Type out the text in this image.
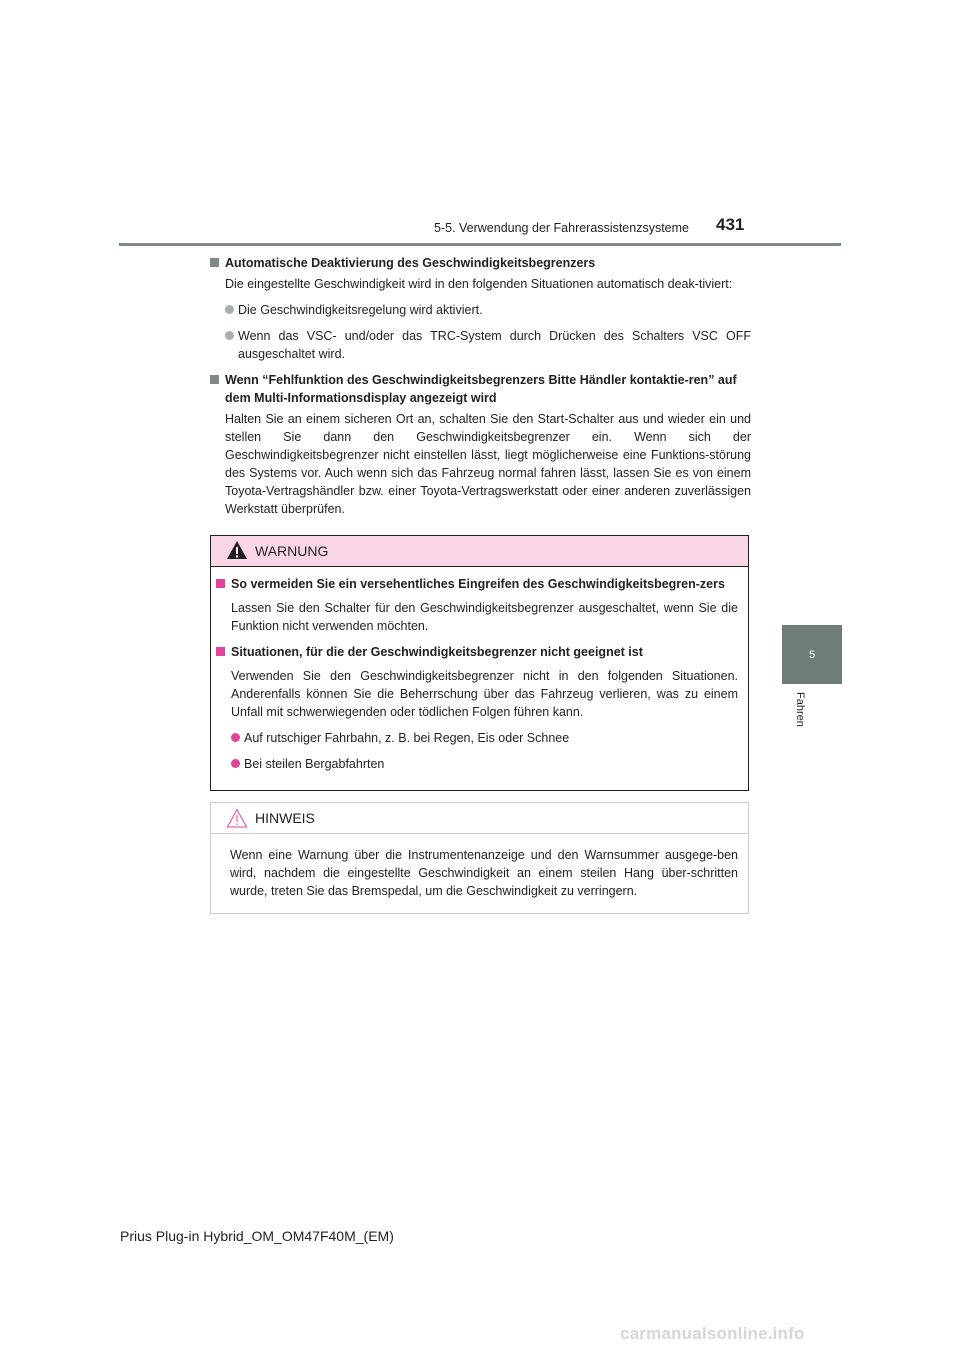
5-5. Verwendung der Fahrerassistenzsysteme 431
5
Fahren

Automatische Deaktivierung des Geschwindigkeitsbegrenzers

Die eingestellte Geschwindigkeit wird in den folgenden Situationen automatisch deak-tiviert:

Die Geschwindigkeitsregelung wird aktiviert.
Wenn das VSC- und/oder das TRC-System durch Drücken des Schalters VSC OFF ausgeschaltet wird.

Wenn “Fehlfunktion des Geschwindigkeitsbegrenzers Bitte Händler kontaktie-ren” auf dem Multi-Informationsdisplay angezeigt wird

Halten Sie an einem sicheren Ort an, schalten Sie den Start-Schalter aus und wieder ein und stellen Sie dann den Geschwindigkeitsbegrenzer ein. Wenn sich der Geschwindigkeitsbegrenzer nicht einstellen lässt, liegt möglicherweise eine Funktions-störung des Systems vor. Auch wenn sich das Fahrzeug normal fahren lässt, lassen Sie es von einem Toyota-Vertragshändler bzw. einer Toyota-Vertragswerkstatt oder einer anderen zuverlässigen Werkstatt überprüfen.

WARNUNG

So vermeiden Sie ein versehentliches Eingreifen des Geschwindigkeitsbegren-zers

Lassen Sie den Schalter für den Geschwindigkeitsbegrenzer ausgeschaltet, wenn Sie die Funktion nicht verwenden möchten.

Situationen, für die der Geschwindigkeitsbegrenzer nicht geeignet ist

Verwenden Sie den Geschwindigkeitsbegrenzer nicht in den folgenden Situationen. Anderenfalls können Sie die Beherrschung über das Fahrzeug verlieren, was zu einem Unfall mit schwerwiegenden oder tödlichen Folgen führen kann.

Auf rutschiger Fahrbahn, z. B. bei Regen, Eis oder Schnee
Bei steilen Bergabfahrten
HINWEIS
Wenn eine Warnung über die Instrumentenanzeige und den Warnsummer ausgege-ben wird, nachdem die eingestellte Geschwindigkeit an einem steilen Hang über-schritten wurde, treten Sie das Bremspedal, um die Geschwindigkeit zu verringern.
Prius Plug-in Hybrid_OM_OM47F40M_(EM)
carmanualsonline.info
